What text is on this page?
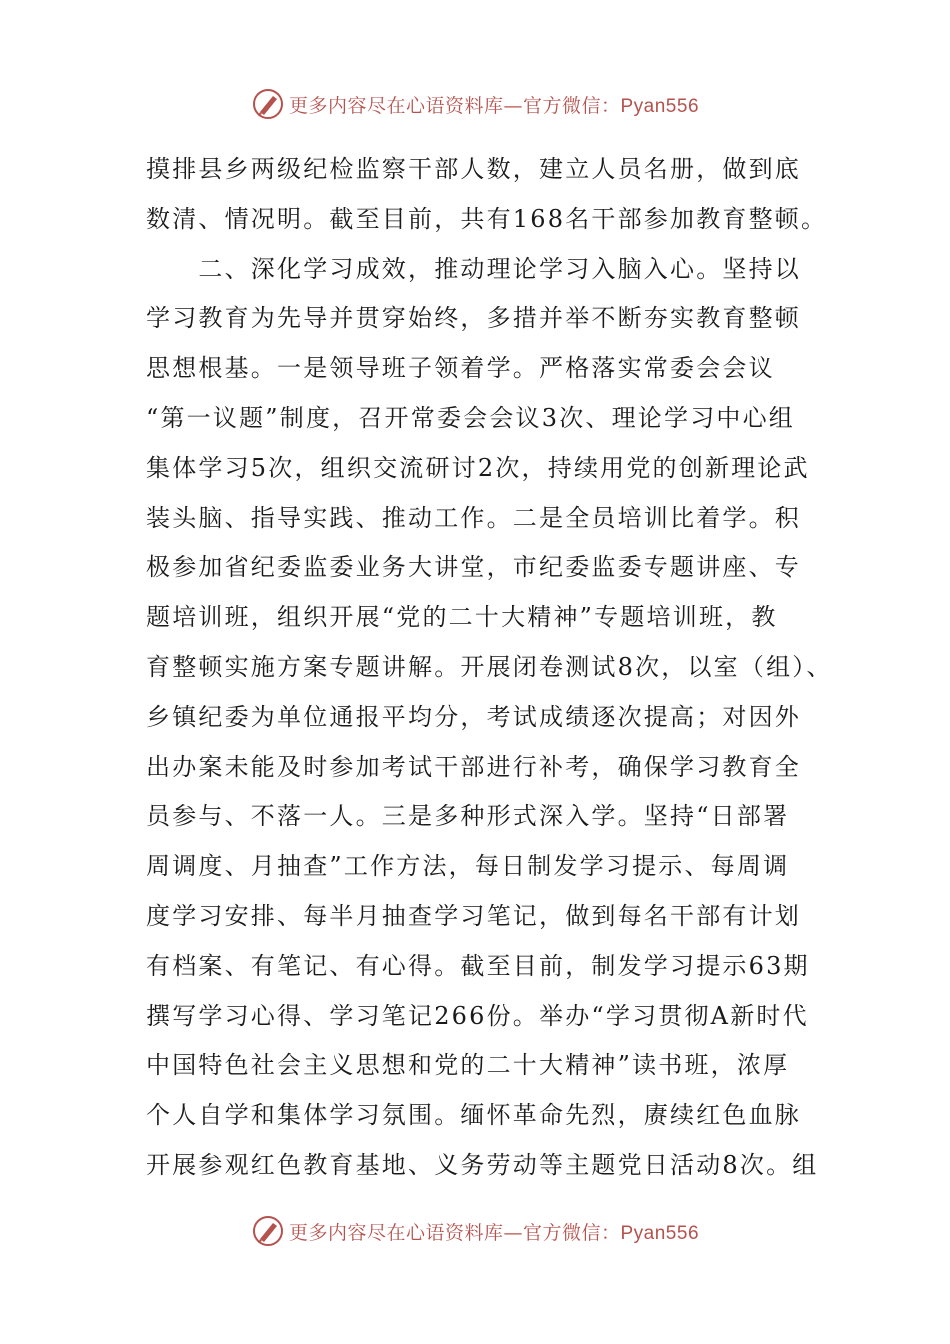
更多内容尽在心语资料库—官方微信：Pyan556
摸排县乡两级纪检监察干部人数，建立人员名册，做到底
数清、情况明。截至目前，共有168名干部参加教育整顿。
　　二、深化学习成效，推动理论学习入脑入心。坚持以
学习教育为先导并贯穿始终，多措并举不断夯实教育整顿
思想根基。一是领导班子领着学。严格落实常委会会议
“第一议题”制度，召开常委会会议3次、理论学习中心组
集体学习5次，组织交流研讨2次，持续用党的创新理论武
装头脑、指导实践、推动工作。二是全员培训比着学。积
极参加省纪委监委业务大讲堂，市纪委监委专题讲座、专
题培训班，组织开展“党的二十大精神”专题培训班，教
育整顿实施方案专题讲解。开展闭卷测试8次，以室（组）、
乡镇纪委为单位通报平均分，考试成绩逐次提高；对因外
出办案未能及时参加考试干部进行补考，确保学习教育全
员参与、不落一人。三是多种形式深入学。坚持“日部署
周调度、月抽查”工作方法，每日制发学习提示、每周调
度学习安排、每半月抽查学习笔记，做到每名干部有计划
有档案、有笔记、有心得。截至目前，制发学习提示63期
撰写学习心得、学习笔记266份。举办“学习贯彻A新时代
中国特色社会主义思想和党的二十大精神”读书班，浓厚
个人自学和集体学习氛围。缅怀革命先烈，赓续红色血脉
开展参观红色教育基地、义务劳动等主题党日活动8次。组
更多内容尽在心语资料库—官方微信：Pyan556
